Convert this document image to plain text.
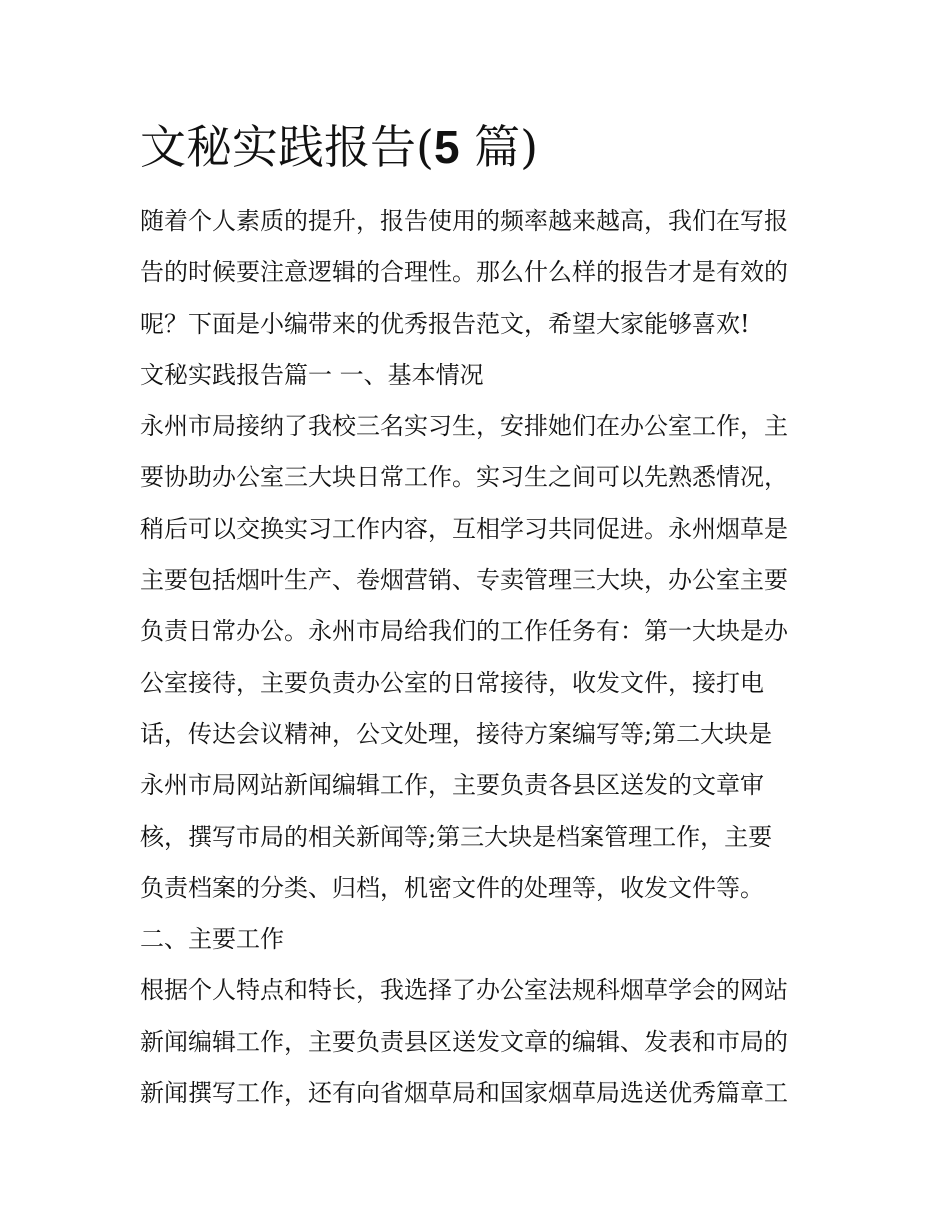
文秘实践报告(5 篇)

随着个人素质的提升，报告使用的频率越来越高，我们在写报

告的时候要注意逻辑的合理性。那么什么样的报告才是有效的

呢？下面是小编带来的优秀报告范文，希望大家能够喜欢!

文秘实践报告篇一 一、基本情况

永州市局接纳了我校三名实习生，安排她们在办公室工作，主

要协助办公室三大块日常工作。实习生之间可以先熟悉情况，

稍后可以交换实习工作内容，互相学习共同促进。永州烟草是

主要包括烟叶生产、卷烟营销、专卖管理三大块，办公室主要

负责日常办公。永州市局给我们的工作任务有：第一大块是办

公室接待，主要负责办公室的日常接待，收发文件，接打电

话，传达会议精神，公文处理，接待方案编写等;第二大块是

永州市局网站新闻编辑工作，主要负责各县区送发的文章审

核，撰写市局的相关新闻等;第三大块是档案管理工作，主要

负责档案的分类、归档，机密文件的处理等，收发文件等。

二、主要工作

根据个人特点和特长，我选择了办公室法规科烟草学会的网站

新闻编辑工作，主要负责县区送发文章的编辑、发表和市局的

新闻撰写工作，还有向省烟草局和国家烟草局选送优秀篇章工
